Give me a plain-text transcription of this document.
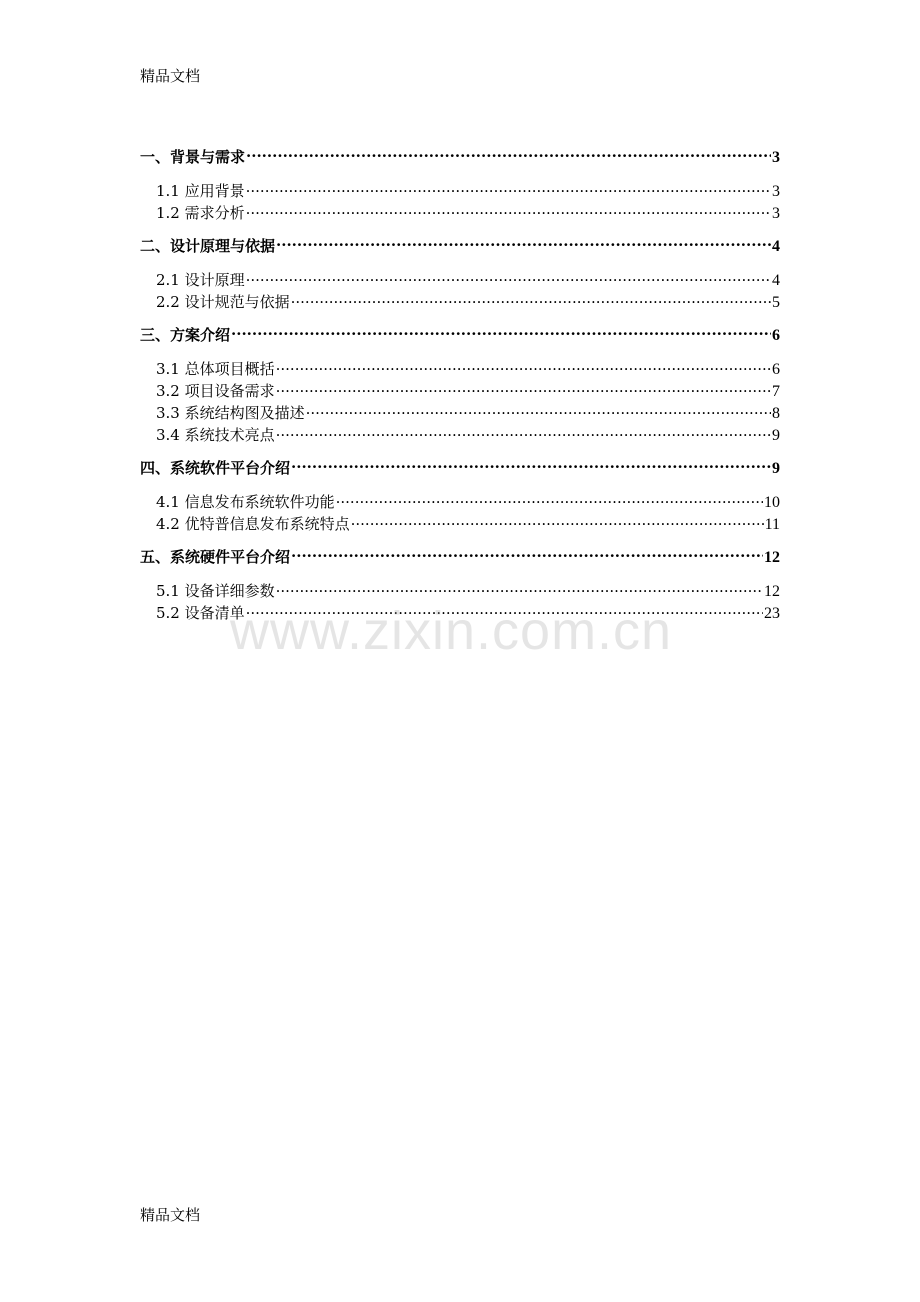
精品文档
一、背景与需求 .....	3
1.1 应用背景 .....	3
1.2 需求分析 .....	3
二、设计原理与依据 .....	4
2.1 设计原理 .....	4
2.2 设计规范与依据 .....	5
三、方案介绍 .....	6
3.1 总体项目概括 .....	6
3.2 项目设备需求 .....	7
3.3 系统结构图及描述 .....	8
3.4 系统技术亮点 .....	9
四、系统软件平台介绍 .....	9
4.1 信息发布系统软件功能 .....	10
4.2 优特普信息发布系统特点 .....	11
五、系统硬件平台介绍 .....	12
5.1 设备详细参数 .....	12
5.2 设备清单 .....	23
www.zixin.com.cn
精品文档
